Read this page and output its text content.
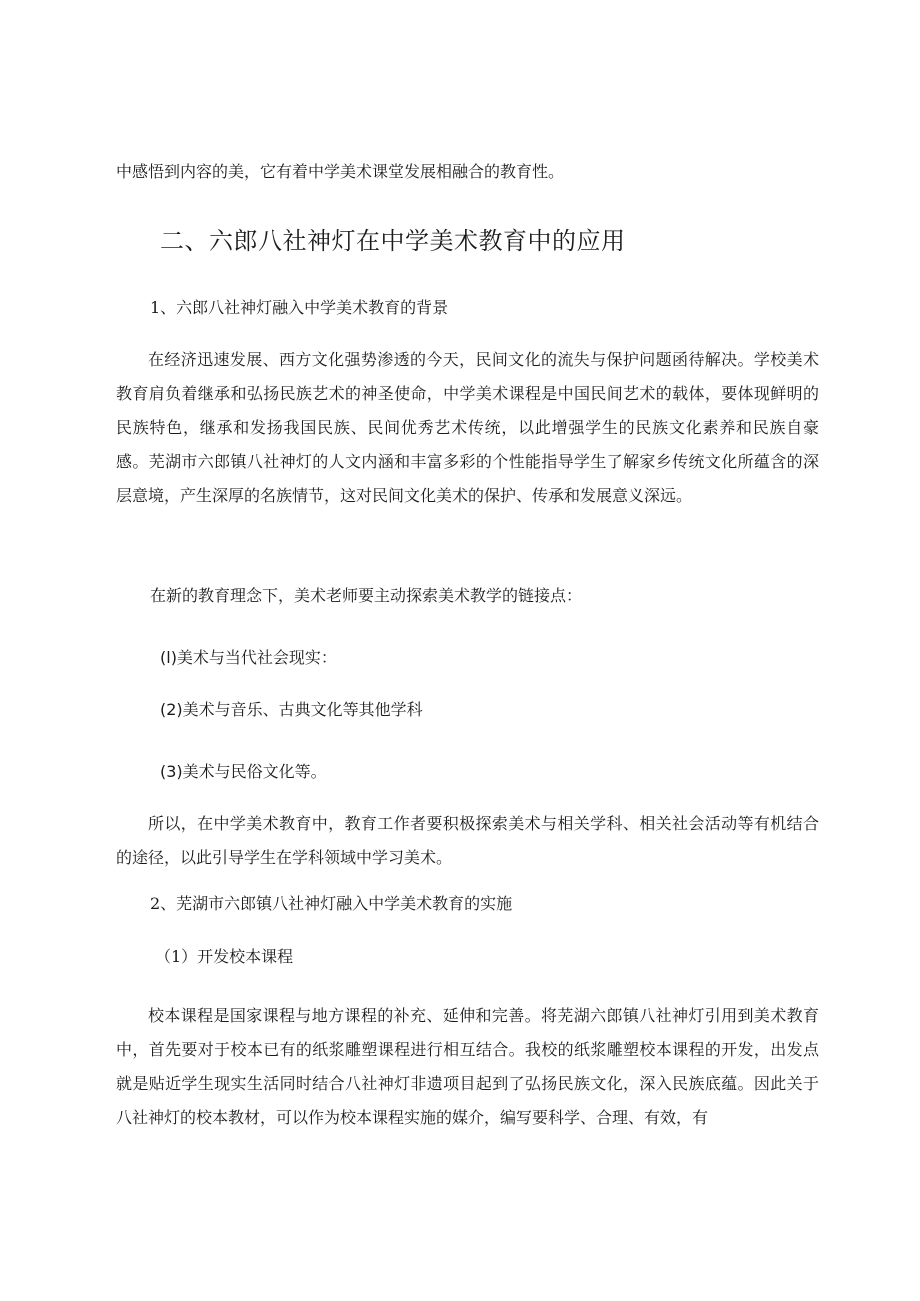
中感悟到内容的美，它有着中学美术课堂发展相融合的教育性。

二、六郎八社神灯在中学美术教育中的应用

1、六郎八社神灯融入中学美术教育的背景

在经济迅速发展、西方文化强势渗透的今天，民间文化的流失与保护问题函待解决。学校美术教育肩负着继承和弘扬民族艺术的神圣使命，中学美术课程是中国民间艺术的载体，要体现鲜明的民族特色，继承和发扬我国民族、民间优秀艺术传统，以此增强学生的民族文化素养和民族自豪感。芜湖市六郎镇八社神灯的人文内涵和丰富多彩的个性能指导学生了解家乡传统文化所蕴含的深层意境，产生深厚的名族情节，这对民间文化美术的保护、传承和发展意义深远。

在新的教育理念下，美术老师要主动探索美术教学的链接点：

(l)美术与当代社会现实：

(2)美术与音乐、古典文化等其他学科

(3)美术与民俗文化等。

所以，在中学美术教育中，教育工作者要积极探索美术与相关学科、相关社会活动等有机结合的途径，以此引导学生在学科领域中学习美术。

2、芜湖市六郎镇八社神灯融入中学美术教育的实施

（1）开发校本课程

校本课程是国家课程与地方课程的补充、延伸和完善。将芜湖六郎镇八社神灯引用到美术教育中，首先要对于校本已有的纸浆雕塑课程进行相互结合。我校的纸浆雕塑校本课程的开发，出发点就是贴近学生现实生活同时结合八社神灯非遗项目起到了弘扬民族文化，深入民族底蕴。因此关于八社神灯的校本教材，可以作为校本课程实施的媒介，编写要科学、合理、有效，有
